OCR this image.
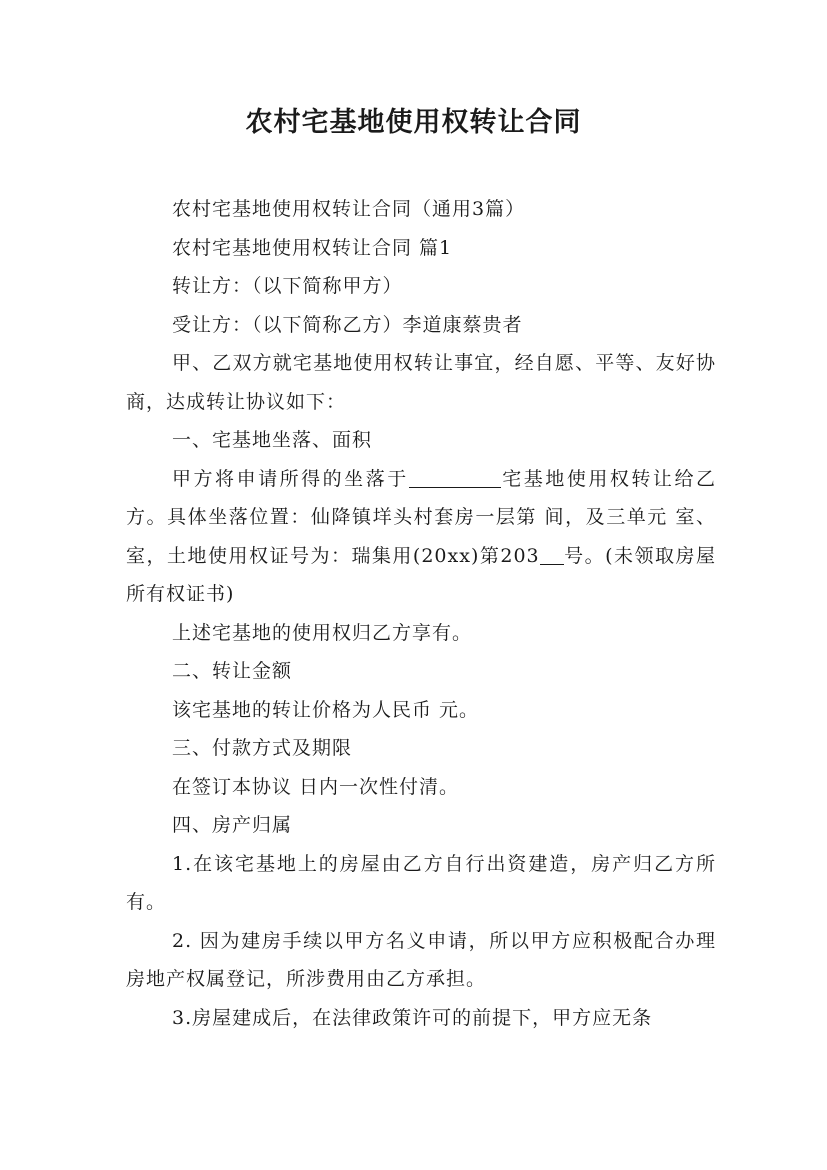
农村宅基地使用权转让合同

农村宅基地使用权转让合同（通用3篇）

农村宅基地使用权转让合同 篇1

转让方：（以下简称甲方）

受让方：（以下简称乙方）李道康蔡贵者

甲、乙双方就宅基地使用权转让事宜，经自愿、平等、友好协商，达成转让协议如下：

一、宅基地坐落、面积

甲方将申请所得的坐落于	宅基地使用权转让给乙方。具体坐落位置：仙降镇垟头村套房一层第 间，及三单元 室、室，土地使用权证号为：瑞集用(20xx)第203 号。(未领取房屋所有权证书)

上述宅基地的使用权归乙方享有。

二、转让金额

该宅基地的转让价格为人民币 元。

三、付款方式及期限

在签订本协议 日内一次性付清。

四、房产归属

1.在该宅基地上的房屋由乙方自行出资建造，房产归乙方所有。

2. 因为建房手续以甲方名义申请，所以甲方应积极配合办理房地产权属登记，所涉费用由乙方承担。

3.房屋建成后，在法律政策许可的前提下，甲方应无条
